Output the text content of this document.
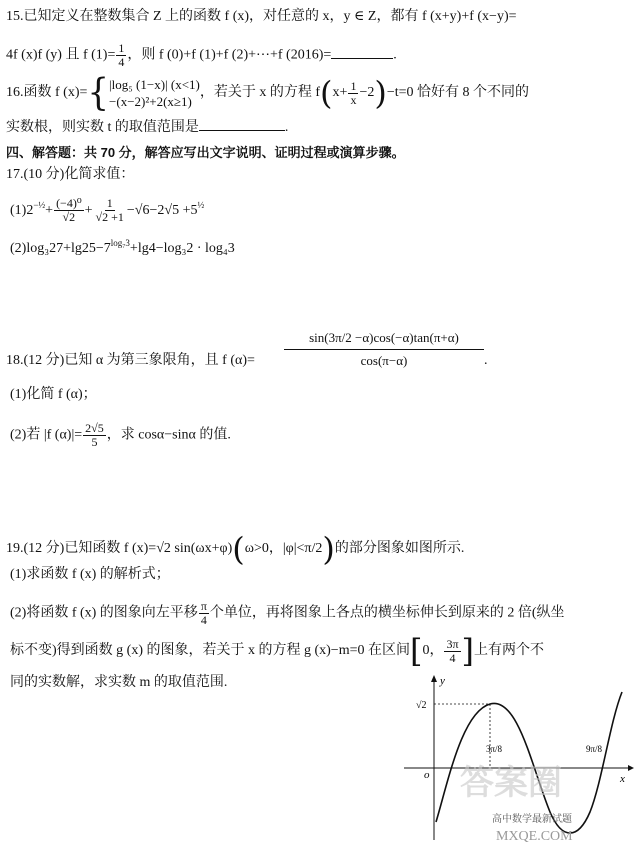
15.已知定义在整数集合 Z 上的函数 f (x)，对任意的 x，y ∈ Z，都有 f (x+y)+f (x−y)=
4f (x)f (y) 且 f $(1)= \frac{1}{4}$ ，则 f (0)+f (1)+f (2)+⋯+f (2016)=	.
16.函数 f (x)={ |log₅ (1−x)| (x<1)
−(x−2)²+2(x≥1)
，若关于 x 的方程 $f(x+ \frac{1}{x} -2)-t=0$ 恰好有 8 个不同的
实数根，则实数 t 的取值范围是	.
四、解答题：共 70 分，解答应写出文字说明、证明过程或演算步骤。
17.(10 分)化简求值：
$(1)2^{-\frac{1}{2}}+ \frac{\text{(−4)⁰}}{√2} + \frac{1}{√2 +1} -√6-2√5 +5^{\frac{1}{2}}$
$(2)\log_327+\lg 25-7^{log_73}+\lg 4-\log_32 \cdot \log_43$
18.(12 分)已知 α 为第三象限角，且 f $(\alpha)= \frac{\sin(3\pi/2 -\alpha)\cos(-\alpha)\tan(\pi+\alpha)}{\cos(\pi-\alpha)}$ .
(1)化简 f (α)；
(2)若 |f $(\alpha)|= \frac{2√5}{5}$ ，求 cosα−sinα 的值.
19.(12 分)已知函数 f (x)=√2 sin(ωx+φ)(ω>0，|φ|<π/2)的部分图象如图所示.
(1)求函数 f (x) 的解析式；
(2)将函数 f (x) 的图象向左平移 $\frac{\pi}{4}$ 个单位，再将图象上各点的横坐标伸长到原来的 2 倍(纵坐
标不变)得到函数 g (x) 的图象，若关于 x 的方程 g (x)−m=0 在区间[0， $\frac{3\pi}{4}$ ]上有两个不
同的实数解，求实数 m 的取值范围.	y
x
o
√2
3π/8	9π/8
答案圈
高中数学最新试题
MXQE.COM
